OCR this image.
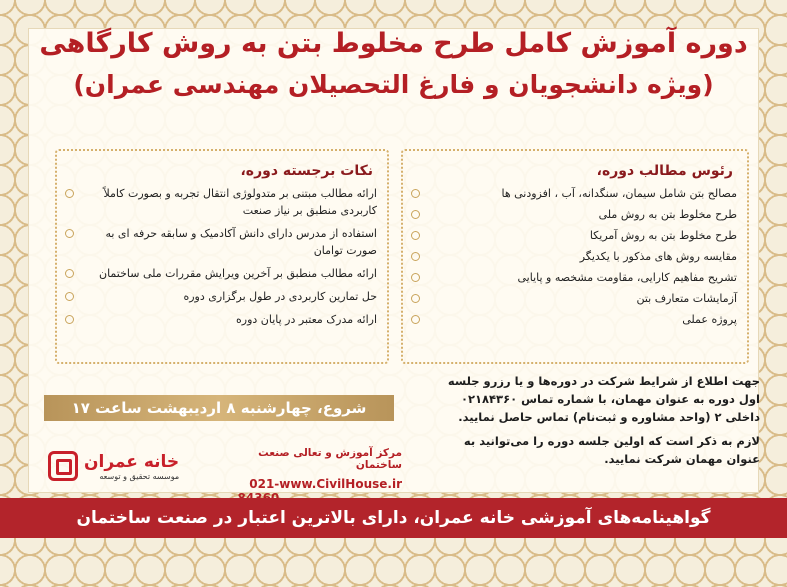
دوره آموزش کامل طرح مخلوط بتن به روش کارگاهی
(ویژه دانشجویان و فارغ التحصیلان مهندسی عمران)
رئوس مطالب دوره،
مصالح بتن شامل سیمان، سنگدانه، آب ، افزودنی ها
طرح مخلوط بتن به روش ملی
طرح مخلوط بتن به روش آمریکا
مقایسه روش های مذکور با یکدیگر
تشریح مفاهیم کارایی، مقاومت مشخصه و پایایی
آزمایشات متعارف بتن
پروژه عملی
نکات برجسته دوره،
ارائه مطالب مبتنی بر متدولوژی انتقال تجربه و بصورت کاملاً کاربردی منطبق بر نیاز صنعت
استفاده از مدرس دارای دانش آکادمیک و سابقه حرفه ای به صورت توامان
ارائه مطالب منطبق بر آخرین ویرایش مقررات ملی ساختمان
حل تمارین کاربردی در طول برگزاری دوره
ارائه مدرک معتبر در پایان دوره
شروع، چهارشنبه ۸ اردیبهشت ساعت ۱۷
جهت اطلاع از شرایط شرکت در دوره‌ها و یا رزرو جلسه اول دوره به عنوان مهمان، با شماره تماس ۰۲۱۸۴۳۶۰ داخلی ۲ (واحد مشاوره و ثبت‌نام) تماس حاصل نمایید.
لازم به ذکر است که اولین جلسه دوره را می‌توانید به عنوان مهمان شرکت نمایید.
خانه عمران
موسسه تحقیق و توسعه
مرکز آموزش و تعالی صنعت ساختمان
www.CivilHouse.ir
021-
گواهینامه‌های آموزشی خانه عمران، دارای بالاترین اعتبار در صنعت ساختمان
